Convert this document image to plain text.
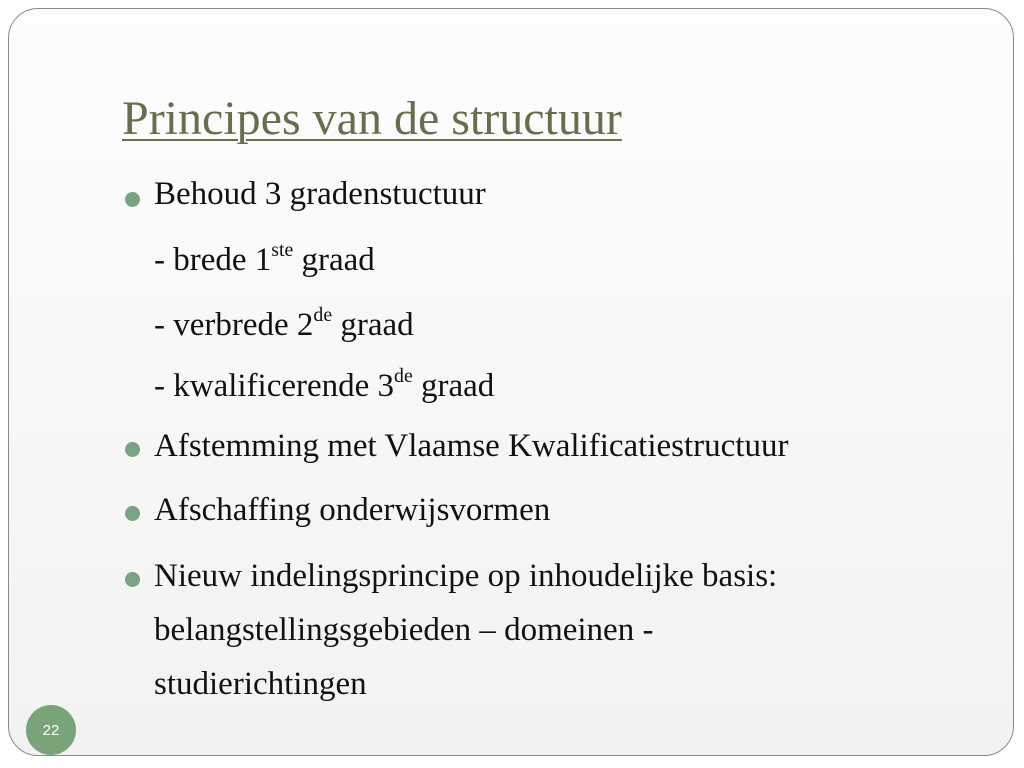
Principes van de structuur
Behoud 3 gradenstuctuur
- brede 1ste graad
- verbrede 2de graad
- kwalificerende 3de graad
Afstemming met Vlaamse Kwalificatiestructuur
Afschaffing onderwijsvormen
Nieuw indelingsprincipe op inhoudelijke basis:
belangstellingsgebieden – domeinen -
studierichtingen
22
